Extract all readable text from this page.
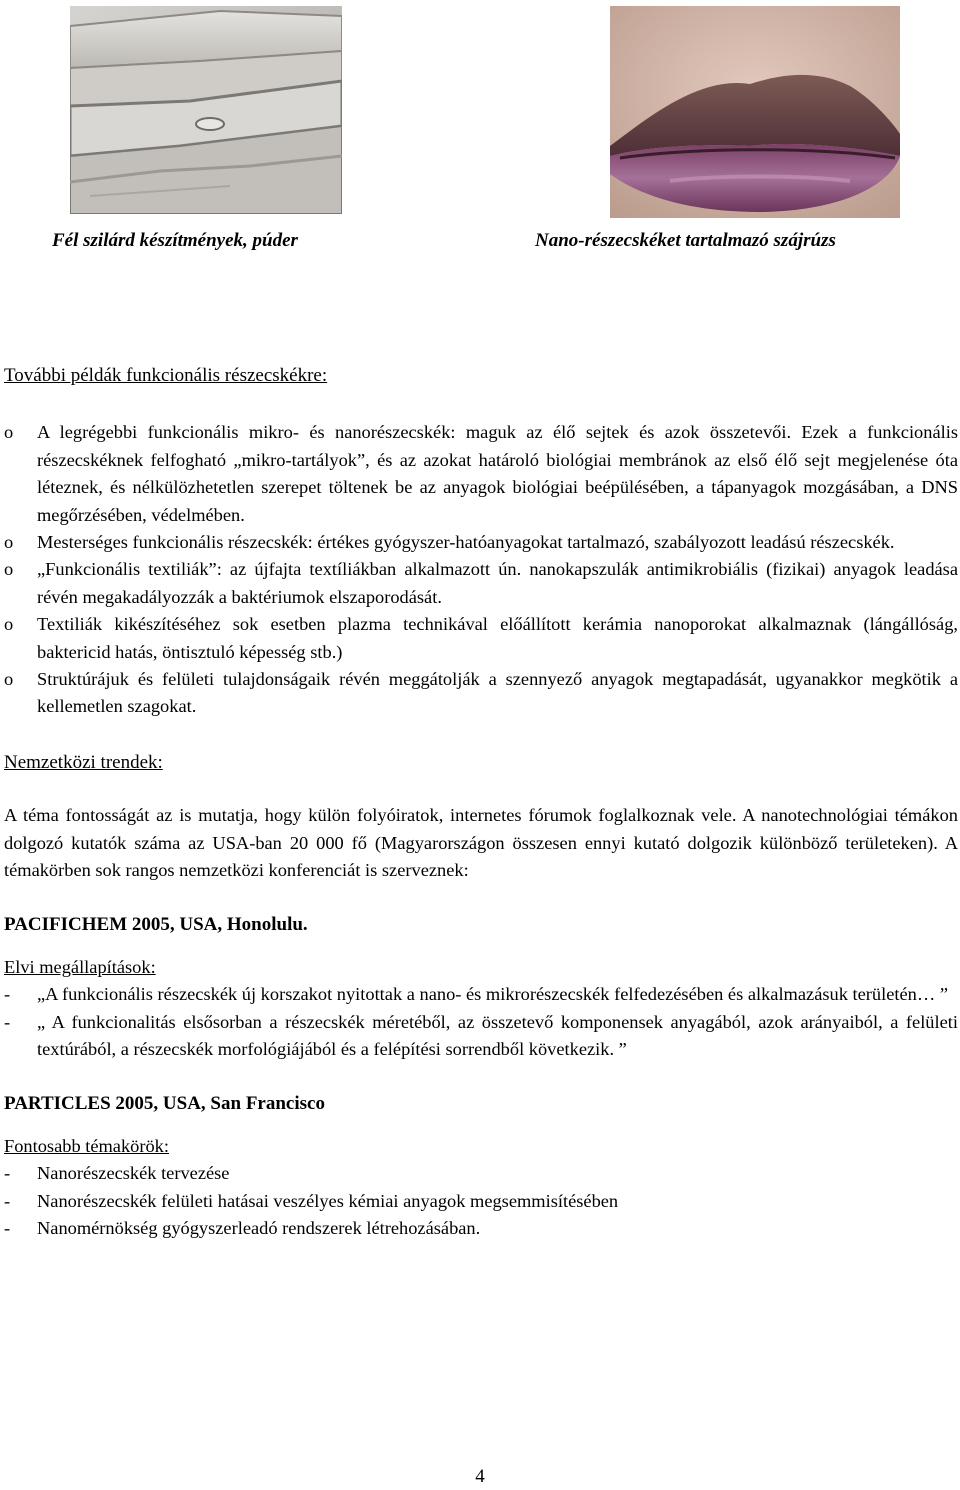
Fél szilárd készítmények, púder	Nano-részecskéket tartalmazó szájrúzs

További példák funkcionális részecskékre:

o	A legrégebbi funkcionális mikro- és nanorészecskék: maguk az élő sejtek és azok összetevői. Ezek a funkcionális részecskéknek felfogható „mikro-tartályok”, és az azokat határoló biológiai membránok az első élő sejt megjelenése óta léteznek, és nélkülözhetetlen szerepet töltenek be az anyagok biológiai beépülésében, a tápanyagok mozgásában, a DNS megőrzésében, védelmében.
o	Mesterséges funkcionális részecskék: értékes gyógyszer-hatóanyagokat tartalmazó, szabályozott leadású részecskék.
o	„Funkcionális textiliák”: az újfajta textíliákban alkalmazott ún. nanokapszulák antimikrobiális (fizikai) anyagok leadása révén megakadályozzák a baktériumok elszaporodását.
o	Textiliák kikészítéséhez sok esetben plazma technikával előállított kerámia nanoporokat alkalmaznak (lángállóság, baktericid hatás, öntisztuló képesség stb.)
o	Struktúrájuk és felületi tulajdonságaik révén meggátolják a szennyező anyagok megtapadását, ugyanakkor megkötik a kellemetlen szagokat.

Nemzetközi trendek:

A téma fontosságát az is mutatja, hogy külön folyóiratok, internetes fórumok foglalkoznak vele. A nanotechnológiai témákon dolgozó kutatók száma az USA-ban 20 000 fő (Magyarországon összesen ennyi kutató dolgozik különböző területeken). A témakörben sok rangos nemzetközi konferenciát is szerveznek:

PACIFICHEM 2005, USA, Honolulu.

Elvi megállapítások:

-	„A funkcionális részecskék új korszakot nyitottak a nano- és mikrorészecskék felfedezésében és alkalmazásuk területén… ”
-	„ A funkcionalitás elsősorban a részecskék méretéből, az összetevő komponensek anyagából, azok arányaiból, a felületi textúrából, a részecskék morfológiájából és a felépítési sorrendből következik. ”

PARTICLES 2005, USA, San Francisco

Fontosabb témakörök:

-	Nanorészecskék tervezése
-	Nanorészecskék felületi hatásai veszélyes kémiai anyagok megsemmisítésében
-	Nanomérnökség gyógyszerleadó rendszerek létrehozásában.
4
